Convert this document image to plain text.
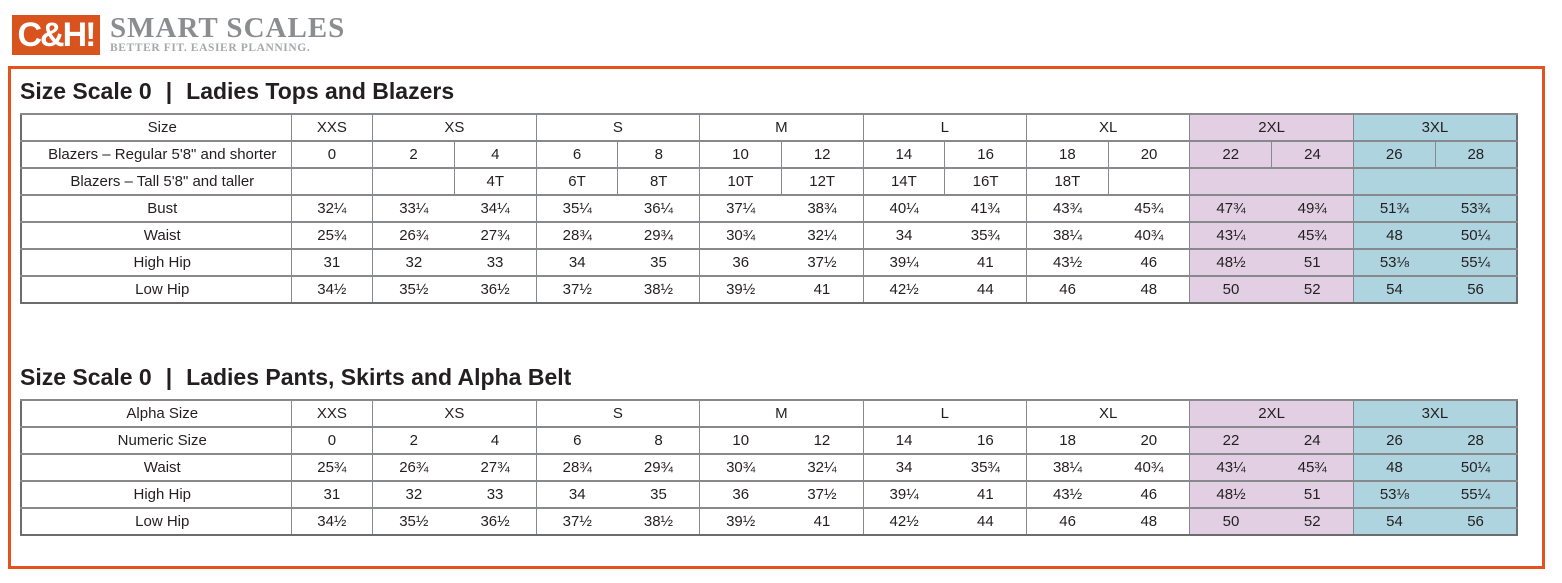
C&H! SMART SCALES
BETTER FIT. EASIER PLANNING.
Size Scale 0 | Ladies Tops and Blazers
Size	XXS	XS		S		M		L		XL		2XL		3XL	
Blazers – Regular 5'8" and shorter	0	2	4	6	8	10	12	14	16	18	20	22	24	26	28
Blazers – Tall 5'8" and taller			4T	6T	8T	10T	12T	14T	16T	18T					
Bust	32¼	33¼	34¼	35¼	36¼	37¼	38¾	40¼	41¾	43¾	45¾	47¾	49¾	51¾	53¾
Waist	25¾	26¾	27¾	28¾	29¾	30¾	32¼	34	35¾	38¼	40¾	43¼	45¾	48	50¼
High Hip	31	32	33	34	35	36	37½	39¼	41	43½	46	48½	51	53⅛	55¼
Low Hip	34½	35½	36½	37½	38½	39½	41	42½	44	46	48	50	52	54	56
Size Scale 0 | Ladies Pants, Skirts and Alpha Belt
Alpha Size	XXS	XS		S		M		L		XL		2XL		3XL	
Numeric Size	0	2	4	6	8	10	12	14	16	18	20	22	24	26	28
Waist	25¾	26¾	27¾	28¾	29¾	30¾	32¼	34	35¾	38¼	40¾	43¼	45¾	48	50¼
High Hip	31	32	33	34	35	36	37½	39¼	41	43½	46	48½	51	53⅛	55¼
Low Hip	34½	35½	36½	37½	38½	39½	41	42½	44	46	48	50	52	54	56
